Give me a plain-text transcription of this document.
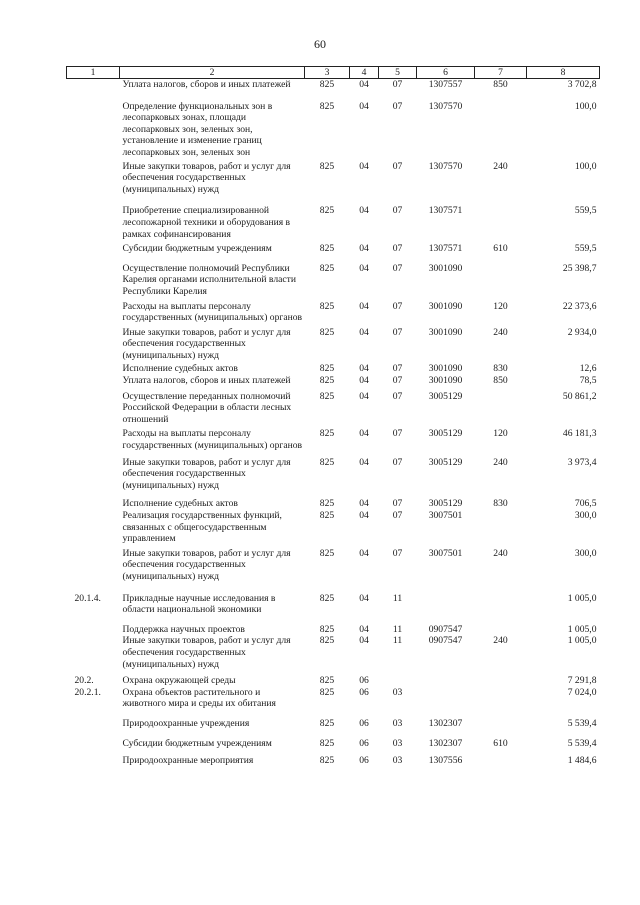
60
1	2	3	4	5	6	7	8
	Уплата налогов, сборов и иных платежей	825	04	07	1307557	850	3 702,8
	Определение функциональных зон в лесопарковых зонах, площади лесопарковых зон, зеленых зон, установление и изменение границ лесопарковых зон, зеленых зон	825	04	07	1307570		100,0
	Иные закупки товаров, работ и услуг для обеспечения государственных (муниципальных) нужд	825	04	07	1307570	240	100,0
	Приобретение специализированной лесопожарной техники и оборудования в рамках софинансирования	825	04	07	1307571		559,5
	Субсидии бюджетным учреждениям	825	04	07	1307571	610	559,5
	Осуществление полномочий Республики Карелия органами исполнительной власти Республики Карелия	825	04	07	3001090		25 398,7
	Расходы на выплаты персоналу государственных (муниципальных) органов	825	04	07	3001090	120	22 373,6
	Иные закупки товаров, работ и услуг для обеспечения государственных (муниципальных) нужд	825	04	07	3001090	240	2 934,0
	Исполнение судебных актов	825	04	07	3001090	830	12,6
	Уплата налогов, сборов и иных платежей	825	04	07	3001090	850	78,5
	Осуществление переданных полномочий Российской Федерации в области лесных отношений	825	04	07	3005129		50 861,2
	Расходы на выплаты персоналу государственных (муниципальных) органов	825	04	07	3005129	120	46 181,3
	Иные закупки товаров, работ и услуг для обеспечения государственных (муниципальных) нужд	825	04	07	3005129	240	3 973,4
	Исполнение судебных актов	825	04	07	3005129	830	706,5
	Реализация государственных функций, связанных с общегосударственным управлением	825	04	07	3007501		300,0
	Иные закупки товаров, работ и услуг для обеспечения государственных (муниципальных) нужд	825	04	07	3007501	240	300,0
20.1.4.	Прикладные научные исследования в области национальной экономики	825	04	11			1 005,0
	Поддержка научных проектов	825	04	11	0907547		1 005,0
	Иные закупки товаров, работ и услуг для обеспечения государственных (муниципальных) нужд	825	04	11	0907547	240	1 005,0
20.2.	Охрана окружающей среды	825	06				7 291,8
20.2.1.	Охрана объектов растительного и животного мира и среды их обитания	825	06	03			7 024,0
	Природоохранные учреждения	825	06	03	1302307		5 539,4
	Субсидии бюджетным учреждениям	825	06	03	1302307	610	5 539,4
	Природоохранные мероприятия	825	06	03	1307556		1 484,6
